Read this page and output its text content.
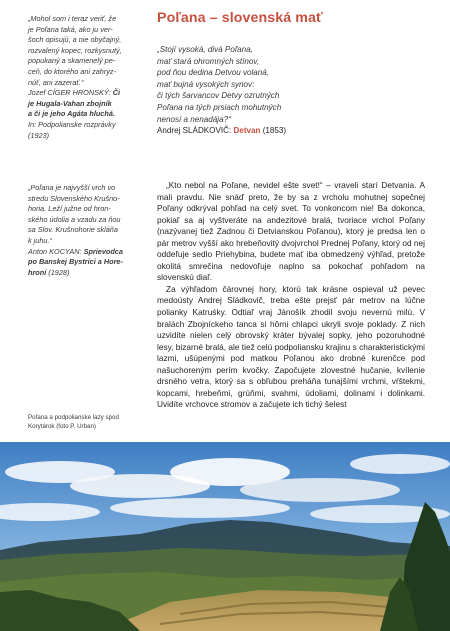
„Mohol som i teraz veriť, že
je Poľana taká, ako ju ver-
šoch opisujú, a nie obyčajný,
rozvalený kopec, rozkysnutý,
popukaný a skamenelý pe-
ceň, do ktorého ani zahryz-
núť, ani zazerať.“
Jozef CÍGER HRONSKÝ: Či
je Hugala-Vahan zbojník
a či je jeho Agáta hluchá.
In: Podpolianske rozprávky
(1923)
Poľana – slovenská mať
„Stojí vysoká, divá Poľana,
mať stará ohromných stínov,
pod ňou dedina Detvou volaná,
mať bujná vysokých synov:
či tých šarvancov Detvy ozrutných
Poľana na tých prsiach mohutných
nenosí a nenadája?“
Andrej SLÁDKOVIČ: Detvan (1853)
„Poľana je najvyšší vrch vo
stredu Slovenského Krušno-
horia. Leží južne od hron-
ského údolia a vzadu za ňou
sa Slov. Krušnohorie skláňa
k juhu.“
Anton KOCYAN: Sprievodca
po Banskej Bystrici a Hore-
hroní (1928)

„Kto nebol na Poľane, nevidel ešte svet!“ – vraveli starí Detvania. A mali pravdu. Nie snáď preto, že by sa z vrcholu mohutnej sopečnej Poľany odkrýval pohľad na celý svet. To vonkoncom nie! Ba dokonca, pokiaľ sa aj vyštveráte na andezitové bralá, tvoriace vrchol Poľany (nazývanej tiež Zadnou či Detvianskou Poľanou), ktorý je predsa len o pár metrov vyšší ako hrebeňovitý dvojvrchol Prednej Poľany, ktorý od nej oddeľuje sedlo Priehybina, budete mať iba obmedzený výhľad, pretože okolitá smrečina nedovoľuje naplno sa pokochať pohľadom na slovenskú diaľ.

Za výhľadom čárovnej hory, ktorú tak krásne ospieval už pevec medoústy Andrej Sládkovič, treba ešte prejsť pár metrov na lúčne polianky Katruśky. Odtiaľ vraj Jánošík zhodil svoju nevernú milú. V bralách Zbojníckeho tanca si hôrni chlapci ukryli svoje poklady. Z nich uzvidíte nielen celý obrovský kráter bývalej sopky, jeho pozoruhodné lesy, bizarné bralá, ale tiež celú podpoliansku krajinu s charakteristickými lazmi, ušúpenými pod matkou Poľanou ako drobné kurenčce pod našuchoreným perím kvočky. Započujete zlovestné hučanie, kvílenie drsného vetra, ktorý sa s obľubou preháňa tunajšími vrchmi, vŕštekmi, kopcami, hrebeňmi, grúňmi, svahmi, údoliami, dolinami i dolinkami. Uvidíte vrchovce stromov a začujete ich tichý šelest

Poľana a podpolianske lazy spod Korytárok (foto P. Urban)
